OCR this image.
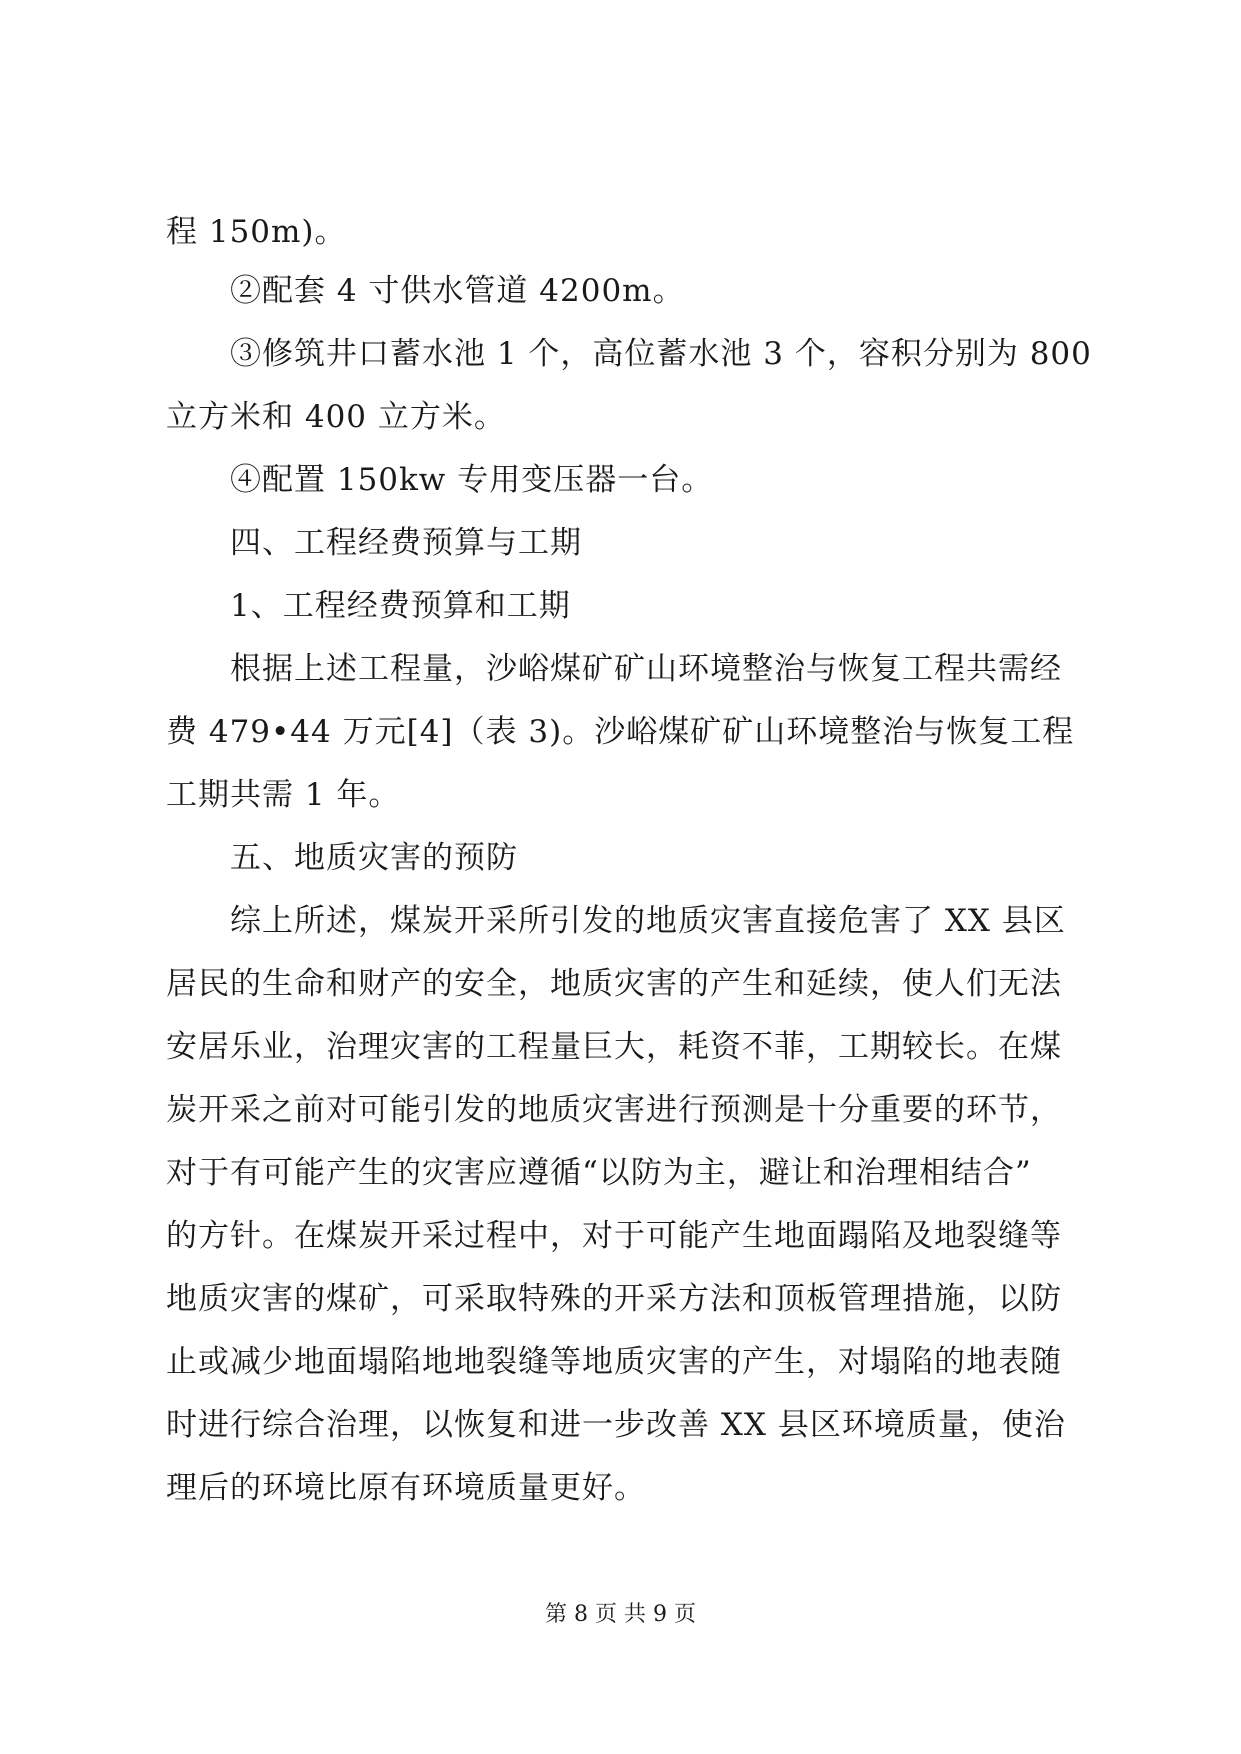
程 150m)。
②配套 4 寸供水管道 4200m。
③修筑井口蓄水池 1 个，高位蓄水池 3 个，容积分别为 800
立方米和 400 立方米。
④配置 150kw 专用变压器一台。
四、工程经费预算与工期
1、工程经费预算和工期
根据上述工程量，沙峪煤矿矿山环境整治与恢复工程共需经
费 479•44 万元[4]（表 3)。沙峪煤矿矿山环境整治与恢复工程
工期共需 1 年。
五、地质灾害的预防
综上所述，煤炭开采所引发的地质灾害直接危害了 XX 县区
居民的生命和财产的安全，地质灾害的产生和延续，使人们无法
安居乐业，治理灾害的工程量巨大，耗资不菲，工期较长。在煤
炭开采之前对可能引发的地质灾害进行预测是十分重要的环节，
对于有可能产生的灾害应遵循“以防为主，避让和治理相结合”
的方针。在煤炭开采过程中，对于可能产生地面蹋陷及地裂缝等
地质灾害的煤矿，可采取特殊的开采方法和顶板管理措施，以防
止或减少地面塌陷地地裂缝等地质灾害的产生，对塌陷的地表随
时进行综合治理，以恢复和进一步改善 XX 县区环境质量，使治
理后的环境比原有环境质量更好。
第 8 页 共 9 页
